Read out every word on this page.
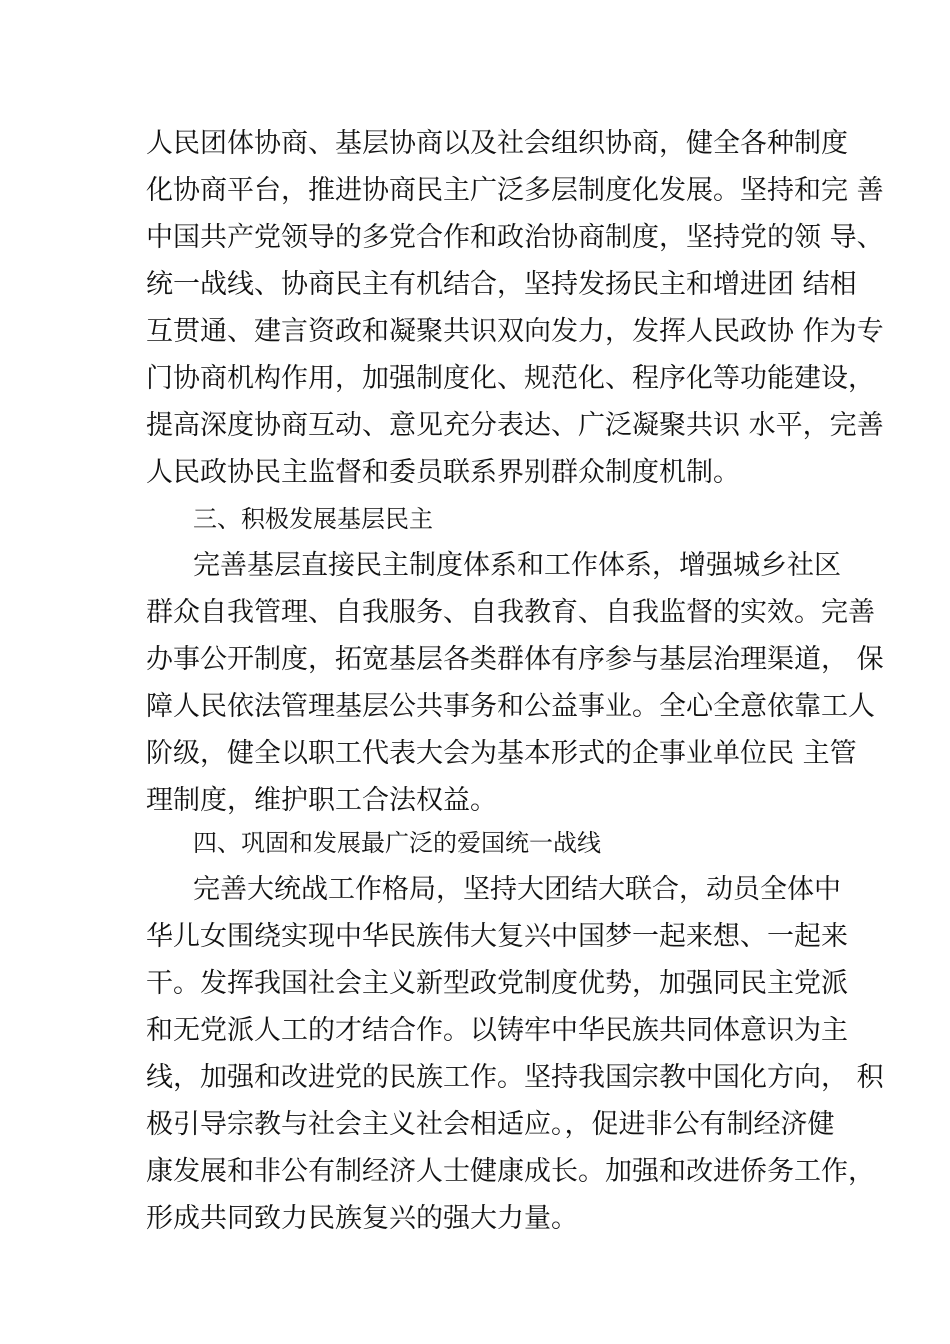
人民团体协商、基层协商以及社会组织协商，健全各种制度
化协商平台，推进协商民主广泛多层制度化发展。坚持和完 善
中国共产党领导的多党合作和政治协商制度，坚持党的领 导、
统一战线、协商民主有机结合，坚持发扬民主和增进团 结相
互贯通、建言资政和凝聚共识双向发力，发挥人民政协 作为专
门协商机构作用，加强制度化、规范化、程序化等功能建设，
提高深度协商互动、意见充分表达、广泛凝聚共识 水平，完善
人民政协民主监督和委员联系界别群众制度机制。
三、积极发展基层民主
完善基层直接民主制度体系和工作体系，增强城乡社区
群众自我管理、自我服务、自我教育、自我监督的实效。完善
办事公开制度，拓宽基层各类群体有序参与基层治理渠道， 保
障人民依法管理基层公共事务和公益事业。全心全意依靠工人
阶级，健全以职工代表大会为基本形式的企事业单位民 主管
理制度，维护职工合法权益。
四、巩固和发展最广泛的爱国统一战线
完善大统战工作格局，坚持大团结大联合，动员全体中
华儿女围绕实现中华民族伟大复兴中国梦一起来想、一起来
干。发挥我国社会主义新型政党制度优势，加强同民主党派
和无党派人工的才结合作。以铸牢中华民族共同体意识为主
线，加强和改进党的民族工作。坚持我国宗教中国化方向， 积
极引导宗教与社会主义社会相适应。，促进非公有制经济健
康发展和非公有制经济人士健康成长。加强和改进侨务工作，
形成共同致力民族复兴的强大力量。
